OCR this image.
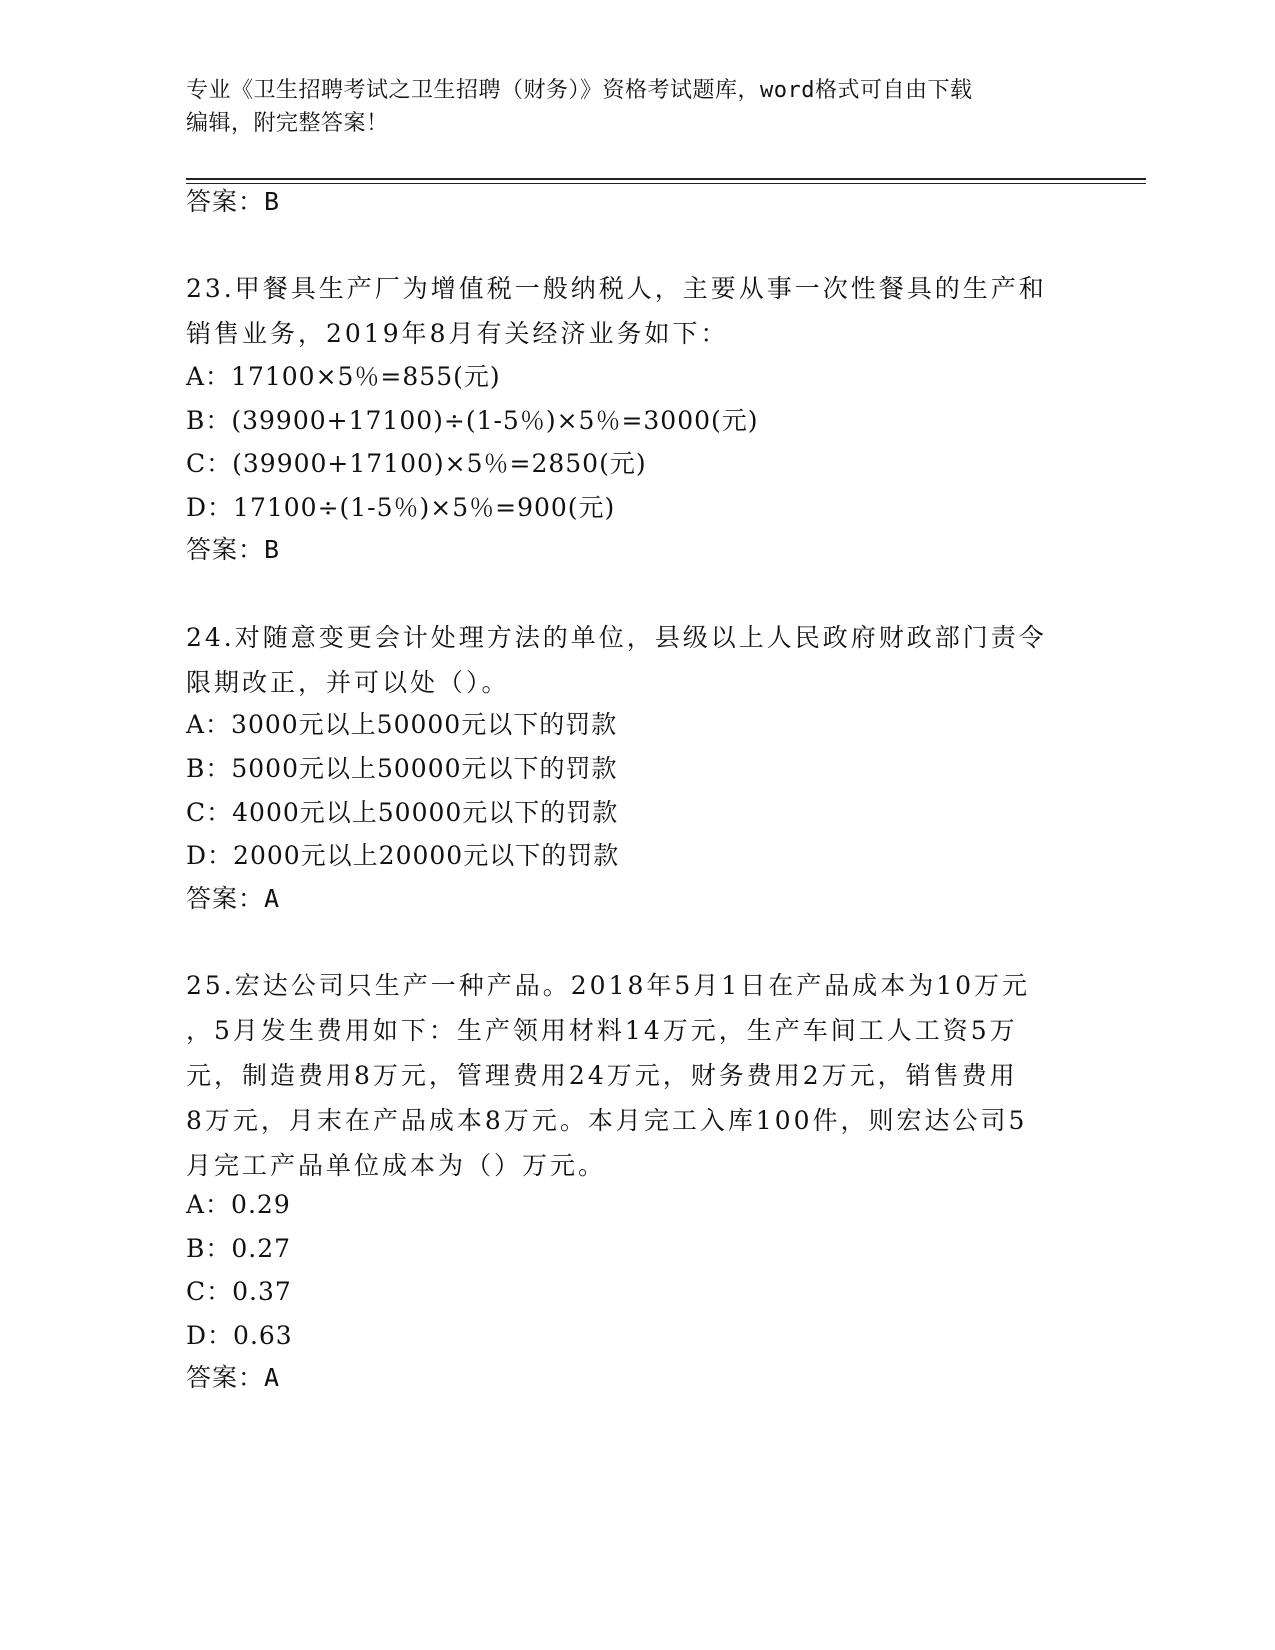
专业《卫生招聘考试之卫生招聘（财务）》资格考试题库，word格式可自由下载
编辑，附完整答案！
答案：B
23.甲餐具生产厂为增值税一般纳税人，主要从事一次性餐具的生产和
销售业务，2019年8月有关经济业务如下：
A：17100×5％=855(元)
B：(39900+17100)÷(1-5％)×5％=3000(元)
C：(39900+17100)×5％=2850(元)
D：17100÷(1-5％)×5％=900(元)
答案：B
24.对随意变更会计处理方法的单位，县级以上人民政府财政部门责令
限期改正，并可以处（）。
A：3000元以上50000元以下的罚款
B：5000元以上50000元以下的罚款
C：4000元以上50000元以下的罚款
D：2000元以上20000元以下的罚款
答案：A
25.宏达公司只生产一种产品。2018年5月1日在产品成本为10万元
，5月发生费用如下：生产领用材料14万元，生产车间工人工资5万
元，制造费用8万元，管理费用24万元，财务费用2万元，销售费用
8万元，月末在产品成本8万元。本月完工入库100件，则宏达公司5
月完工产品单位成本为（）万元。
A：0.29
B：0.27
C：0.37
D：0.63
答案：A
